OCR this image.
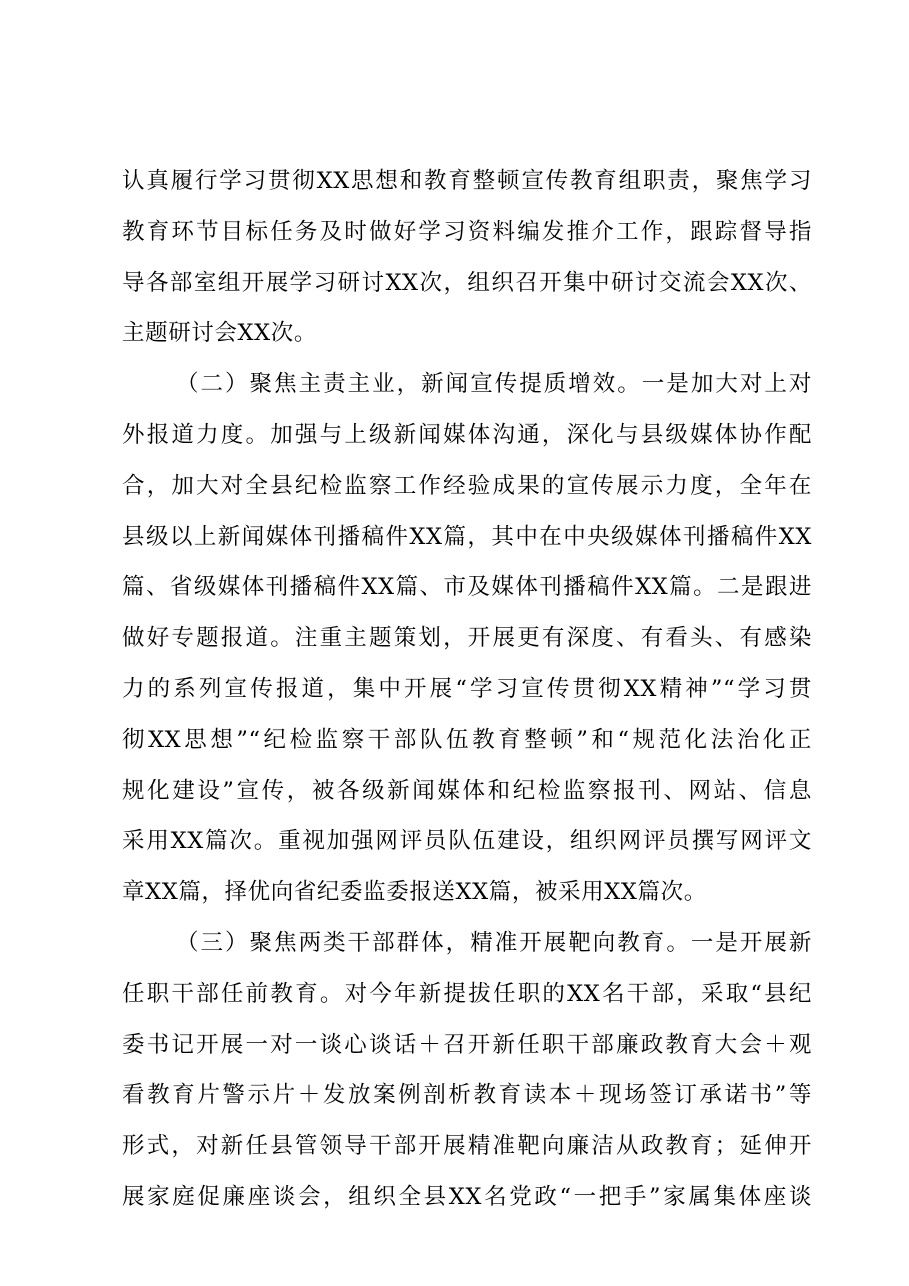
认真履行学习贯彻XX思想和教育整顿宣传教育组职责，聚焦学习
教育环节目标任务及时做好学习资料编发推介工作，跟踪督导指
导各部室组开展学习研讨XX次，组织召开集中研讨交流会XX次、
主题研讨会XX次。
（二）聚焦主责主业，新闻宣传提质增效。一是加大对上对
外报道力度。加强与上级新闻媒体沟通，深化与县级媒体协作配
合，加大对全县纪检监察工作经验成果的宣传展示力度，全年在
县级以上新闻媒体刊播稿件XX篇，其中在中央级媒体刊播稿件XX
篇、省级媒体刊播稿件XX篇、市及媒体刊播稿件XX篇。二是跟进
做好专题报道。注重主题策划，开展更有深度、有看头、有感染
力的系列宣传报道，集中开展“学习宣传贯彻XX精神”“学习贯
彻XX思想”“纪检监察干部队伍教育整顿”和“规范化法治化正
规化建设”宣传，被各级新闻媒体和纪检监察报刊、网站、信息
采用XX篇次。重视加强网评员队伍建设，组织网评员撰写网评文
章XX篇，择优向省纪委监委报送XX篇，被采用XX篇次。
（三）聚焦两类干部群体，精准开展靶向教育。一是开展新
任职干部任前教育。对今年新提拔任职的XX名干部，采取“县纪
委书记开展一对一谈心谈话＋召开新任职干部廉政教育大会＋观
看教育片警示片＋发放案例剖析教育读本＋现场签订承诺书”等
形式，对新任县管领导干部开展精准靶向廉洁从政教育；延伸开
展家庭促廉座谈会，组织全县XX名党政“一把手”家属集体座谈
